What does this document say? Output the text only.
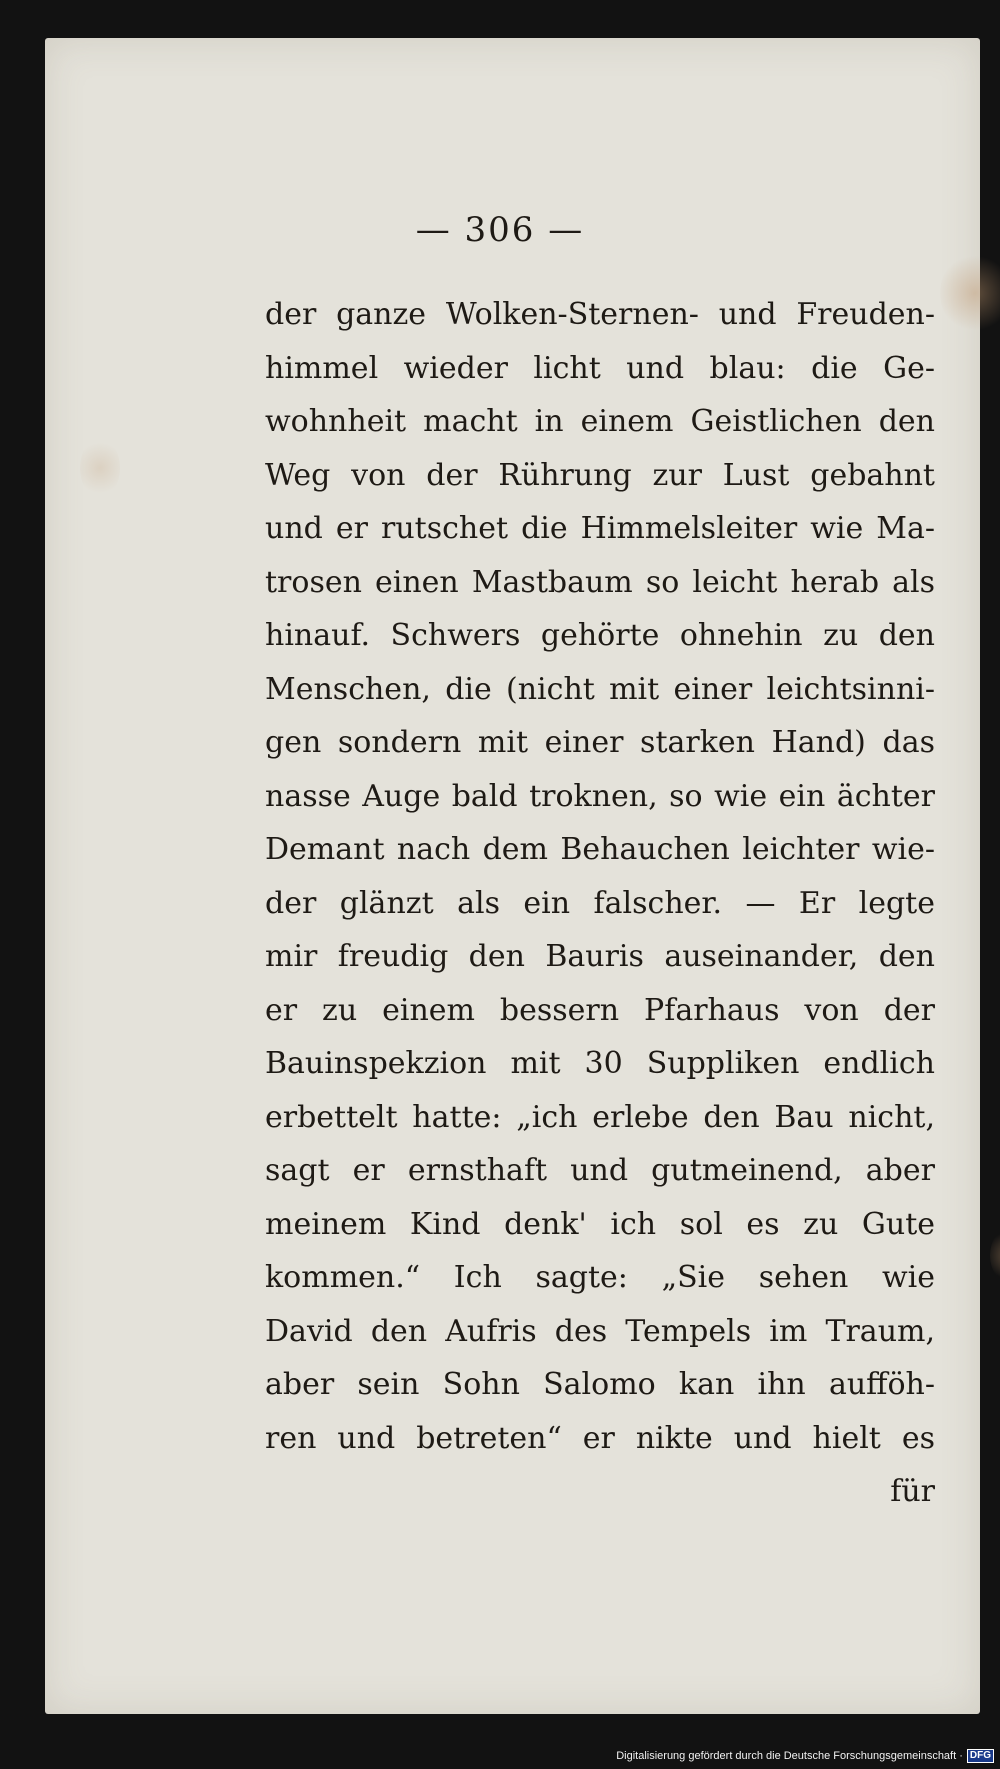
— 306 —
der ganze Wolken-Sternen- und Freuden-
himmel wieder licht und blau: die Ge-
wohnheit macht in einem Geistlichen den
Weg von der Rührung zur Lust gebahnt
und er rutschet die Himmelsleiter wie Ma-
trosen einen Mastbaum so leicht herab als
hinauf. Schwers gehörte ohnehin zu den
Menschen, die (nicht mit einer leichtsinni-
gen sondern mit einer starken Hand) das
nasse Auge bald troknen, so wie ein ächter
Demant nach dem Behauchen leichter wie-
der glänzt als ein falscher. — Er legte
mir freudig den Bauris auseinander, den
er zu einem bessern Pfarhaus von der
Bauinspekzion mit 30 Suppliken endlich
erbettelt hatte: „ich erlebe den Bau nicht,
sagt er ernsthaft und gutmeinend, aber
meinem Kind denk' ich sol es zu Gute
kommen.“ Ich sagte: „Sie sehen wie
David den Aufris des Tempels im Traum,
aber sein Sohn Salomo kan ihn aufföh-
ren und betreten“ er nikte und hielt es
für
Digitalisierung gefördert durch die Deutsche Forschungsgemeinschaft · DFG
